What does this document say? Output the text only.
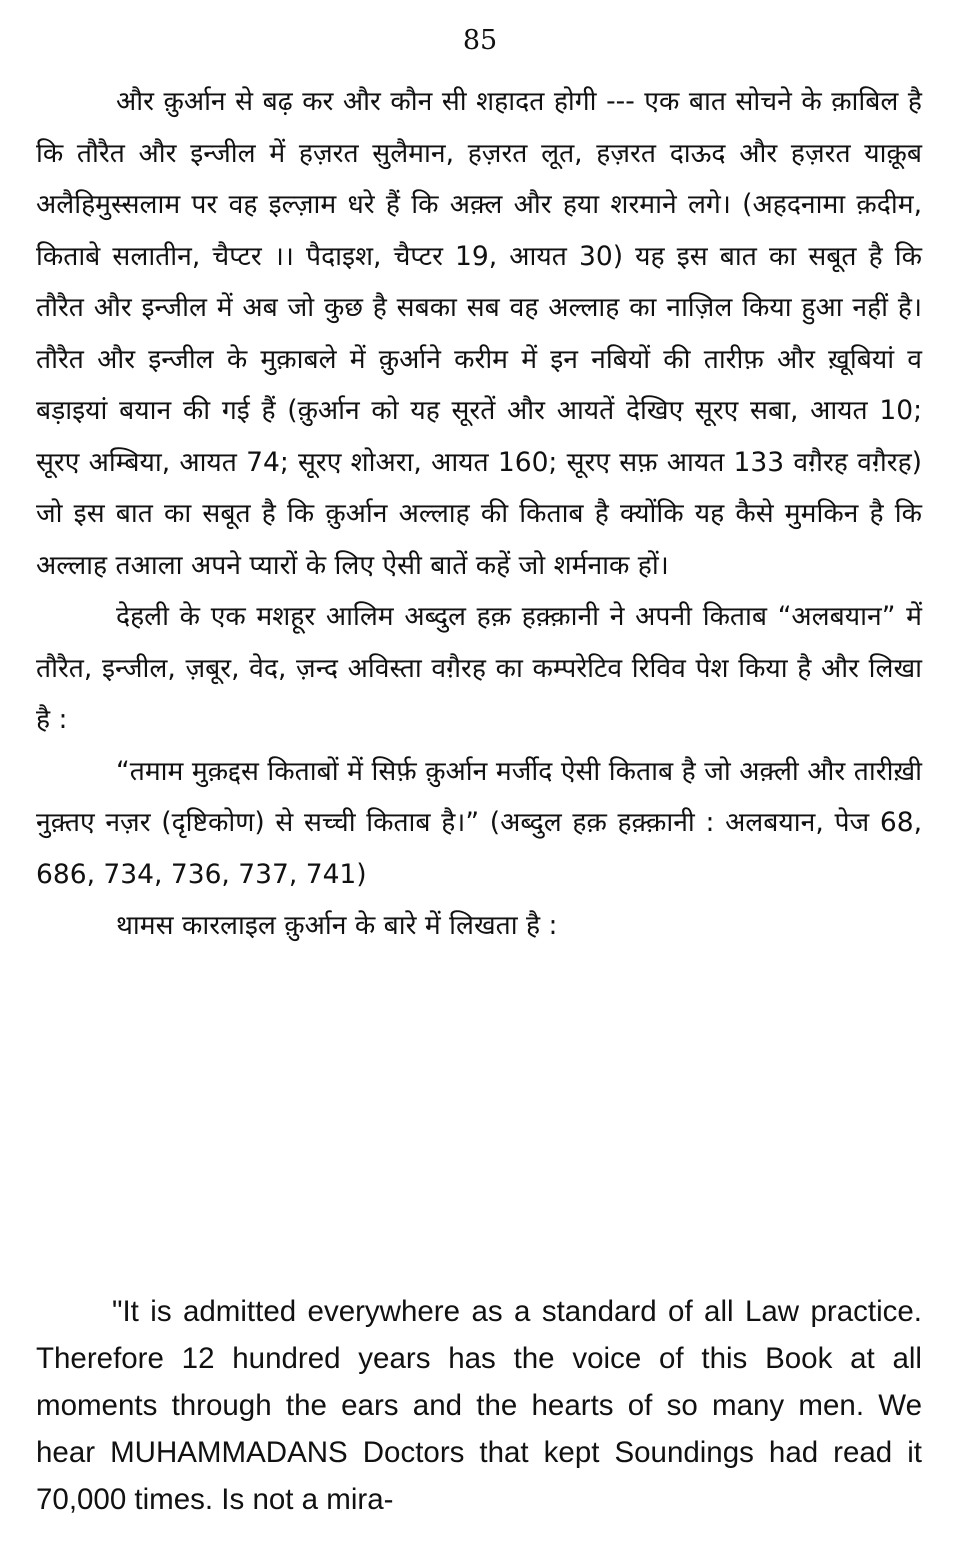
85

और क़ुर्आन से बढ़ कर और कौन सी शहादत होगी --- एक बात सोचने के क़ाबिल है कि तौरैत और इन्जील में हज़रत सुलैमान, हज़रत लूत, हज़रत दाऊद और हज़रत याक़ूब अलैहिमुस्सलाम पर वह इल्ज़ाम धरे हैं कि अक़्ल और हया शरमाने लगे। (अहदनामा क़दीम, किताबे सलातीन, चैप्टर ।। पैदाइश, चैप्टर 19, आयत 30) यह इस बात का सबूत है कि तौरैत और इन्जील में अब जो कुछ है सबका सब वह अल्लाह का नाज़िल किया हुआ नहीं है। तौरैत और इन्जील के मुक़ाबले में क़ुर्आने करीम में इन नबियों की तारीफ़ और ख़ूबियां व बड़ाइयां बयान की गई हैं (क़ुर्आन को यह सूरतें और आयतें देखिए सूरए सबा, आयत 10; सूरए अम्बिया, आयत 74; सूरए शोअरा, आयत 160; सूरए सफ़ आयत 133 वग़ैरह वग़ैरह) जो इस बात का सबूत है कि क़ुर्आन अल्लाह की किताब है क्योंकि यह कैसे मुमकिन है कि अल्लाह तआला अपने प्यारों के लिए ऐसी बातें कहें जो शर्मनाक हों।

देहली के एक मशहूर आलिम अब्दुल हक़ हक़्क़ानी ने अपनी किताब “अलबयान” में तौरैत, इन्जील, ज़बूर, वेद, ज़न्द अविस्ता वग़ैरह का कम्परेटिव रिविव पेश किया है और लिखा है :

“तमाम मुक़द्दस किताबों में सिर्फ़ क़ुर्आन मर्जीद ऐसी किताब है जो अक़्ली और तारीख़ी नुक़्तए नज़र (दृष्टिकोण) से सच्ची किताब है।” (अब्दुल हक़ हक़्क़ानी : अलबयान, पेज 68, 686, 734, 736, 737, 741)

थामस कारलाइल क़ुर्आन के बारे में लिखता है :

"It is admitted everywhere as a standard of all Law practice. Therefore 12 hundred years has the voice of this Book at all moments through the ears and the hearts of so many men. We hear MUHAMMADANS Doctors that kept Soundings had read it 70,000 times. Is not a mira-
